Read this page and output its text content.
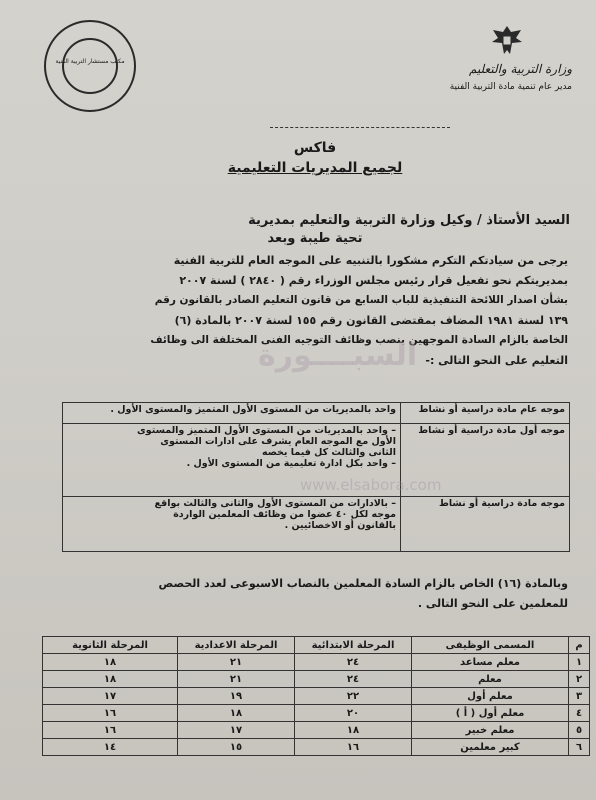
مكتب مستشار التربية الفنية
وزارة التربية والتعليم
مدير عام تنمية مادة التربية الفنية
فاكس
لجميع المديريات التعليمية
السيد الأستاذ / وكيل وزارة التربية والتعليم بمديرية
تحية طيبة وبعد
يرجى من سيادتكم التكرم مشكورا بالتنبيه على الموجه العام للتربية الفنية
بمديريتكم نحو تفعيل قرار رئيس مجلس الوزراء رقم ( ٢٨٤٠ ) لسنة ٢٠٠٧
بشأن اصدار اللائحة التنفيذية للباب السابع من قانون التعليم الصادر بالقانون رقم
١٣٩ لسنة ١٩٨١ المضاف بمقتضى القانون رقم ١٥٥ لسنة ٢٠٠٧ بالمادة (٦)
الخاصة بالزام السادة الموجهين بنصب وظائف التوجيه الفنى المختلفة الى وظائف
التعليم على النحو التالى :-
السبــــورة
موجه عام مادة دراسية أو نشاط	واحد بالمديريات من المستوى الأول المتميز والمستوى الأول .

موجه أول مادة دراسية أو نشاط	– واحد بالمديريات من المستوى الأول المتميز والمستوى
الأول مع الموجه العام يشرف على ادارات المستوى
الثانى والثالث كل فيما يخصه
– واحد بكل ادارة تعليمية من المستوى الأول .

موجه مادة دراسية أو نشاط	– بالادارات من المستوى الأول والثانى والثالث بواقع
موجه لكل ٤٠ عضوا من وظائف المعلمين الواردة
بالقانون أو الاخصائيين .
www.elsabora.com
وبالمادة (١٦) الخاص بالزام السادة المعلمين بالنصاب الاسبوعى لعدد الحصص
للمعلمين على النحو التالى .
م	المسمى الوظيفى	المرحلة الابتدائية	المرحلة الاعدادية	المرحلة الثانوية
١	معلم مساعد	٢٤	٢١	١٨
٢	معلم	٢٤	٢١	١٨
٣	معلم أول	٢٢	١٩	١٧
٤	معلم أول ( أ )	٢٠	١٨	١٦
٥	معلم خبير	١٨	١٧	١٦
٦	كبير معلمين	١٦	١٥	١٤
